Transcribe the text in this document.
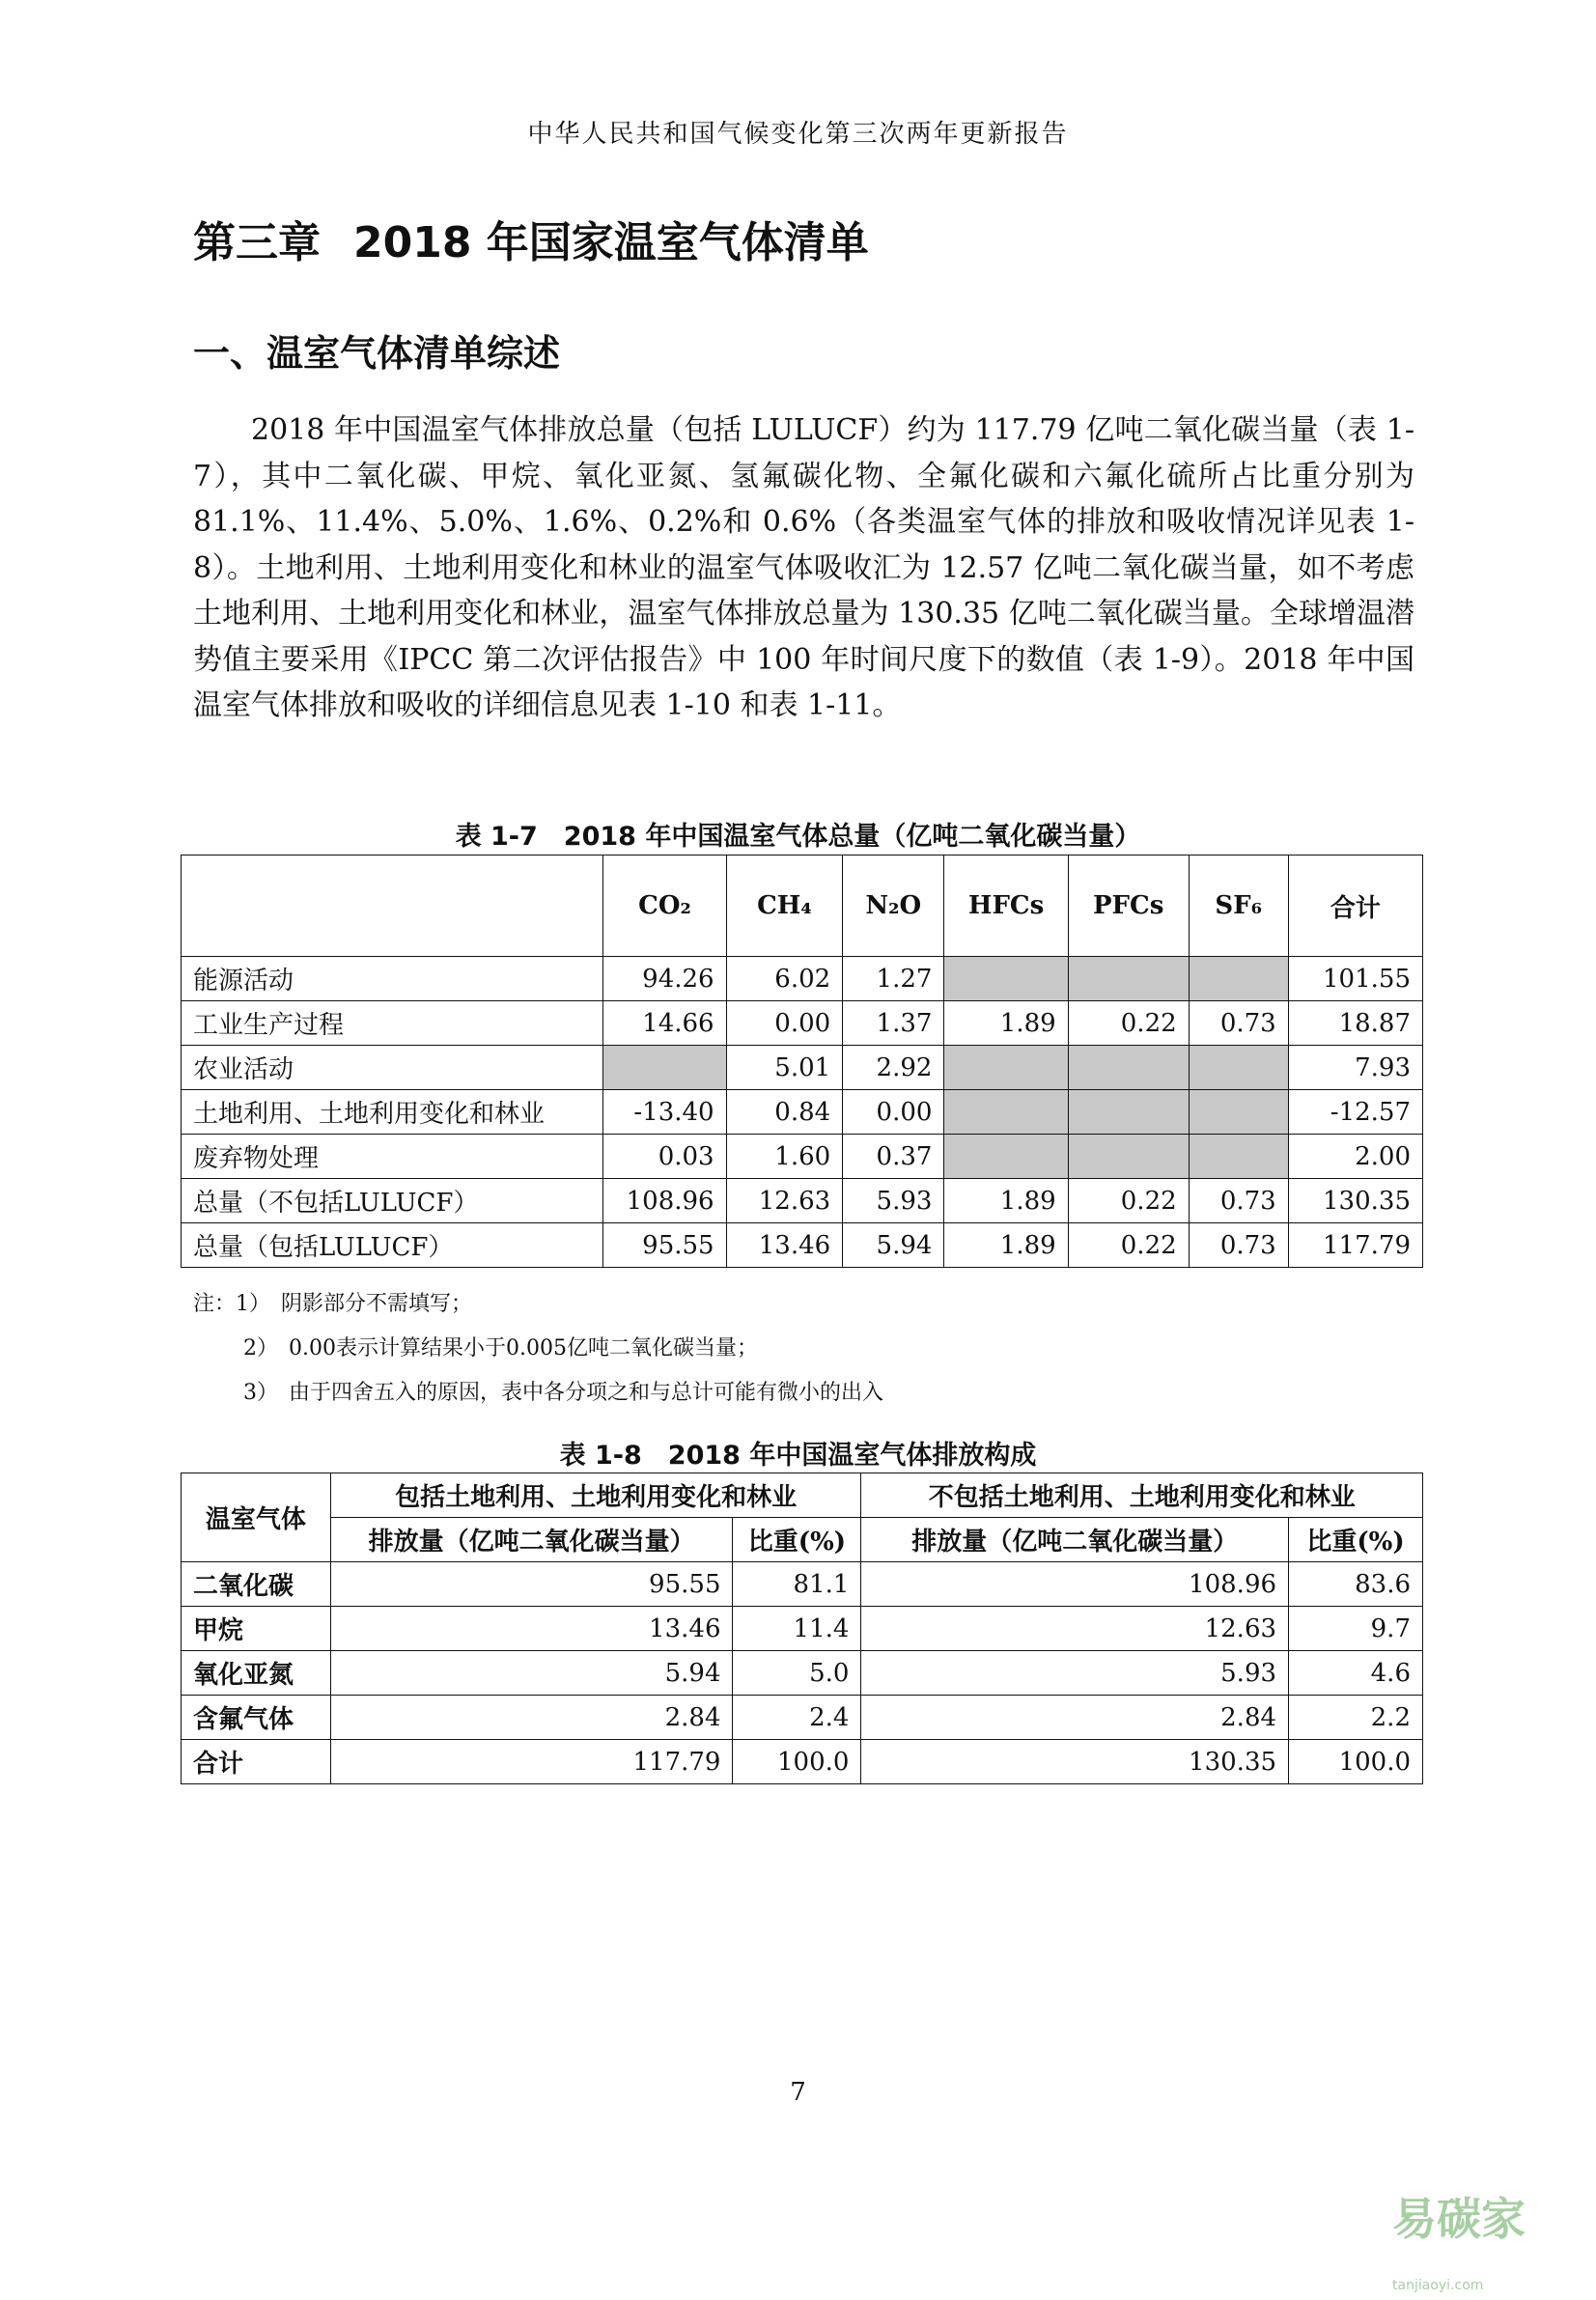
中华人民共和国气候变化第三次两年更新报告
第三章 2018 年国家温室气体清单
一、温室气体清单综述
2018 年中国温室气体排放总量（包括 LULUCF）约为 117.79 亿吨二氧化碳当量（表 1-7），其中二氧化碳、甲烷、氧化亚氮、氢氟碳化物、全氟化碳和六氟化硫所占比重分别为 81.1%、11.4%、5.0%、1.6%、0.2%和 0.6%（各类温室气体的排放和吸收情况详见表 1-8）。土地利用、土地利用变化和林业的温室气体吸收汇为 12.57 亿吨二氧化碳当量，如不考虑土地利用、土地利用变化和林业，温室气体排放总量为 130.35 亿吨二氧化碳当量。全球增温潜势值主要采用《IPCC 第二次评估报告》中 100 年时间尺度下的数值（表 1-9）。2018 年中国温室气体排放和吸收的详细信息见表 1-10 和表 1-11。
表 1-7　2018 年中国温室气体总量（亿吨二氧化碳当量）
	CO₂	CH₄	N₂O	HFCs	PFCs	SF₆	合计
能源活动	94.26	6.02	1.27				101.55
工业生产过程	14.66	0.00	1.37	1.89	0.22	0.73	18.87
农业活动		5.01	2.92				7.93
土地利用、土地利用变化和林业	-13.40	0.84	0.00				-12.57
废弃物处理	0.03	1.60	0.37				2.00
总量（不包括LULUCF）	108.96	12.63	5.93	1.89	0.22	0.73	130.35
总量（包括LULUCF）	95.55	13.46	5.94	1.89	0.22	0.73	117.79
注：1）　阴影部分不需填写；
2）　0.00表示计算结果小于0.005亿吨二氧化碳当量；
3）　由于四舍五入的原因，表中各分项之和与总计可能有微小的出入
表 1-8　2018 年中国温室气体排放构成
温室气体	包括土地利用、土地利用变化和林业		不包括土地利用、土地利用变化和林业	
	排放量（亿吨二氧化碳当量）	比重(%)	排放量（亿吨二氧化碳当量）	比重(%)
二氧化碳	95.55	81.1	108.96	83.6
甲烷	13.46	11.4	12.63	9.7
氧化亚氮	5.94	5.0	5.93	4.6
含氟气体	2.84	2.4	2.84	2.2
合计	117.79	100.0	130.35	100.0
7
易碳家 tanjiaoyi.com
